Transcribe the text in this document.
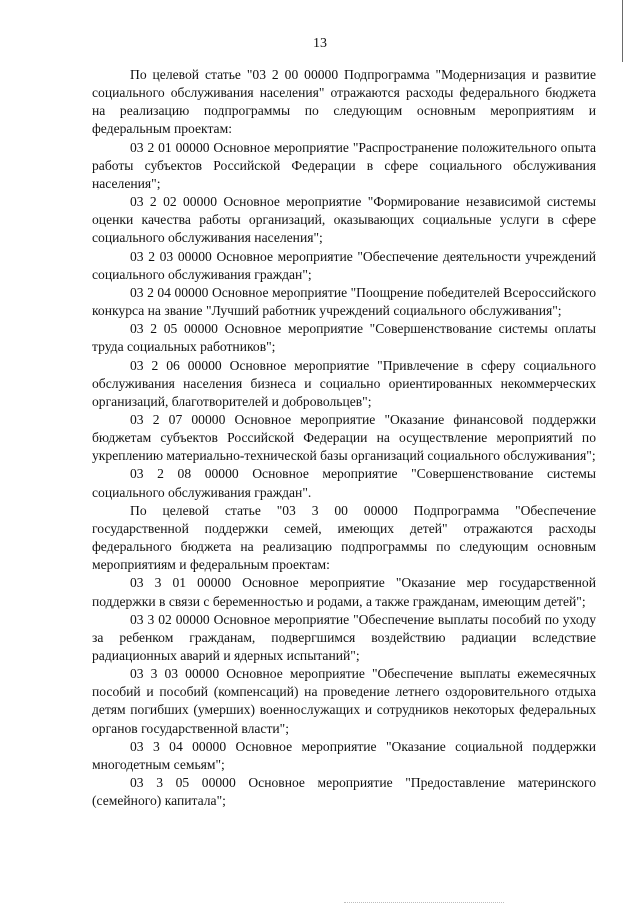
13

По целевой статье "03 2 00 00000 Подпрограмма "Модернизация и развитие социального обслуживания населения" отражаются расходы федерального бюджета на реализацию подпрограммы по следующим основным мероприятиям и федеральным проектам:

03 2 01 00000 Основное мероприятие "Распространение положительного опыта работы субъектов Российской Федерации в сфере социального обслуживания населения";

03 2 02 00000 Основное мероприятие "Формирование независимой системы оценки качества работы организаций, оказывающих социальные услуги в сфере социального обслуживания населения";

03 2 03 00000 Основное мероприятие "Обеспечение деятельности учреждений социального обслуживания граждан";

03 2 04 00000 Основное мероприятие "Поощрение победителей Всероссийского конкурса на звание "Лучший работник учреждений социального обслуживания";

03 2 05 00000 Основное мероприятие "Совершенствование системы оплаты труда социальных работников";

03 2 06 00000 Основное мероприятие "Привлечение в сферу социального обслуживания населения бизнеса и социально ориентированных некоммерческих организаций, благотворителей и добровольцев";

03 2 07 00000 Основное мероприятие "Оказание финансовой поддержки бюджетам субъектов Российской Федерации на осуществление мероприятий по укреплению материально-технической базы организаций социального обслуживания";

03 2 08 00000 Основное мероприятие "Совершенствование системы социального обслуживания граждан".

По целевой статье "03 3 00 00000 Подпрограмма "Обеспечение государственной поддержки семей, имеющих детей" отражаются расходы федерального бюджета на реализацию подпрограммы по следующим основным мероприятиям и федеральным проектам:

03 3 01 00000 Основное мероприятие "Оказание мер государственной поддержки в связи с беременностью и родами, а также гражданам, имеющим детей";

03 3 02 00000 Основное мероприятие "Обеспечение выплаты пособий по уходу за ребенком гражданам, подвергшимся воздействию радиации вследствие радиационных аварий и ядерных испытаний";

03 3 03 00000 Основное мероприятие "Обеспечение выплаты ежемесячных пособий и пособий (компенсаций) на проведение летнего оздоровительного отдыха детям погибших (умерших) военнослужащих и сотрудников некоторых федеральных органов государственной власти";

03 3 04 00000 Основное мероприятие "Оказание социальной поддержки многодетным семьям";

03 3 05 00000 Основное мероприятие "Предоставление материнского (семейного) капитала";
